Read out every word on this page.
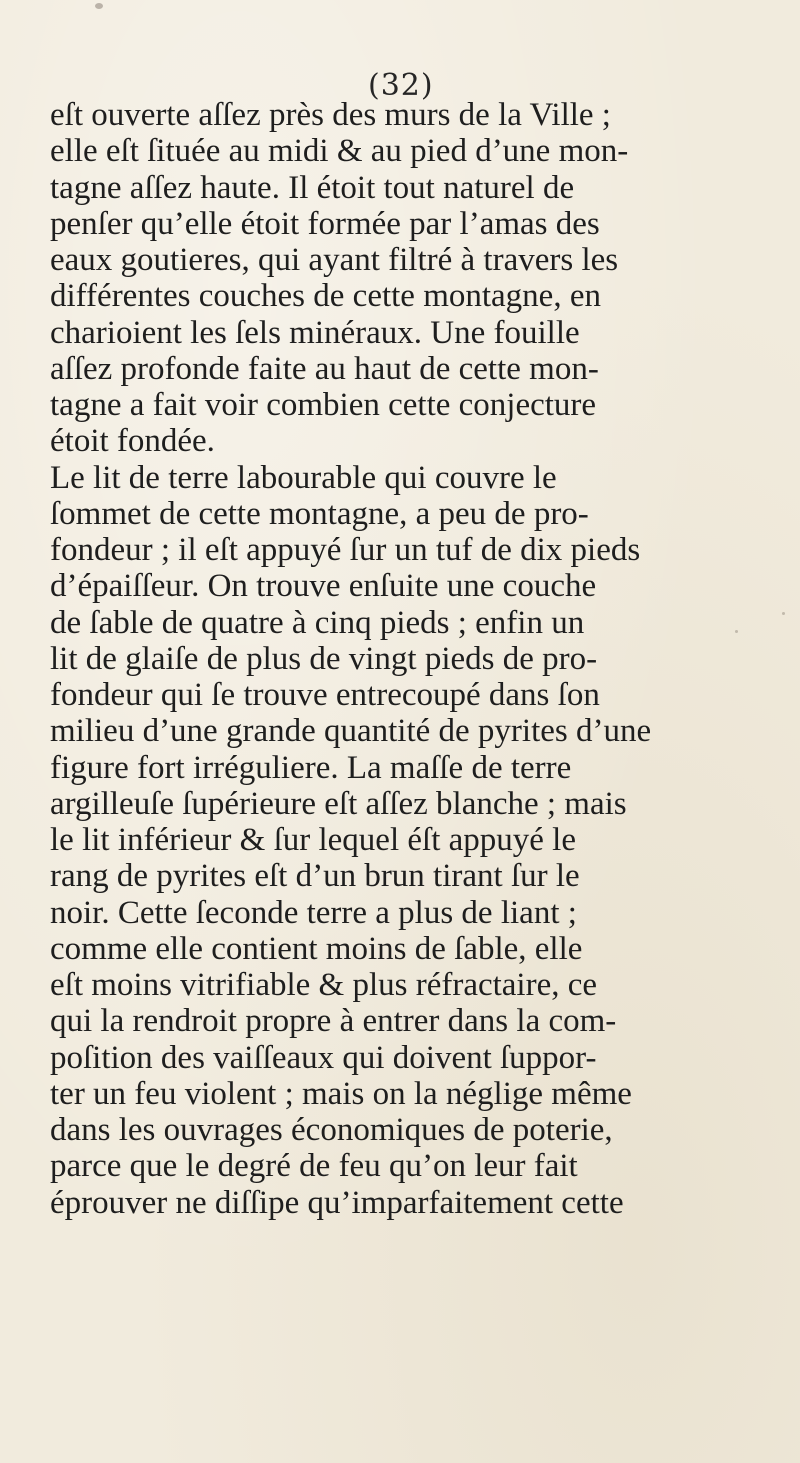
(32)
eſt ouverte aſſez près des murs de la Ville ;
elle eſt ſituée au midi & au pied d’une mon-
tagne aſſez haute. Il étoit tout naturel de
penſer qu’elle étoit formée par l’amas des
eaux goutieres, qui ayant filtré à travers les
différentes couches de cette montagne, en
charioient les ſels minéraux. Une fouille
aſſez profonde faite au haut de cette mon-
tagne a fait voir combien cette conjecture
étoit fondée.
Le lit de terre labourable qui couvre le
ſommet de cette montagne, a peu de pro-
fondeur ; il eſt appuyé ſur un tuf de dix pieds
d’épaiſſeur. On trouve enſuite une couche
de ſable de quatre à cinq pieds ; enfin un
lit de glaiſe de plus de vingt pieds de pro-
fondeur qui ſe trouve entrecoupé dans ſon
milieu d’une grande quantité de pyrites d’une
figure fort irréguliere. La maſſe de terre
argilleuſe ſupérieure eſt aſſez blanche ; mais
le lit inférieur & ſur lequel éſt appuyé le
rang de pyrites eſt d’un brun tirant ſur le
noir. Cette ſeconde terre a plus de liant ;
comme elle contient moins de ſable, elle
eſt moins vitrifiable & plus réfractaire, ce
qui la rendroit propre à entrer dans la com-
poſition des vaiſſeaux qui doivent ſuppor-
ter un feu violent ; mais on la néglige même
dans les ouvrages économiques de poterie,
parce que le degré de feu qu’on leur fait
éprouver ne diſſipe qu’imparfaitement cette
